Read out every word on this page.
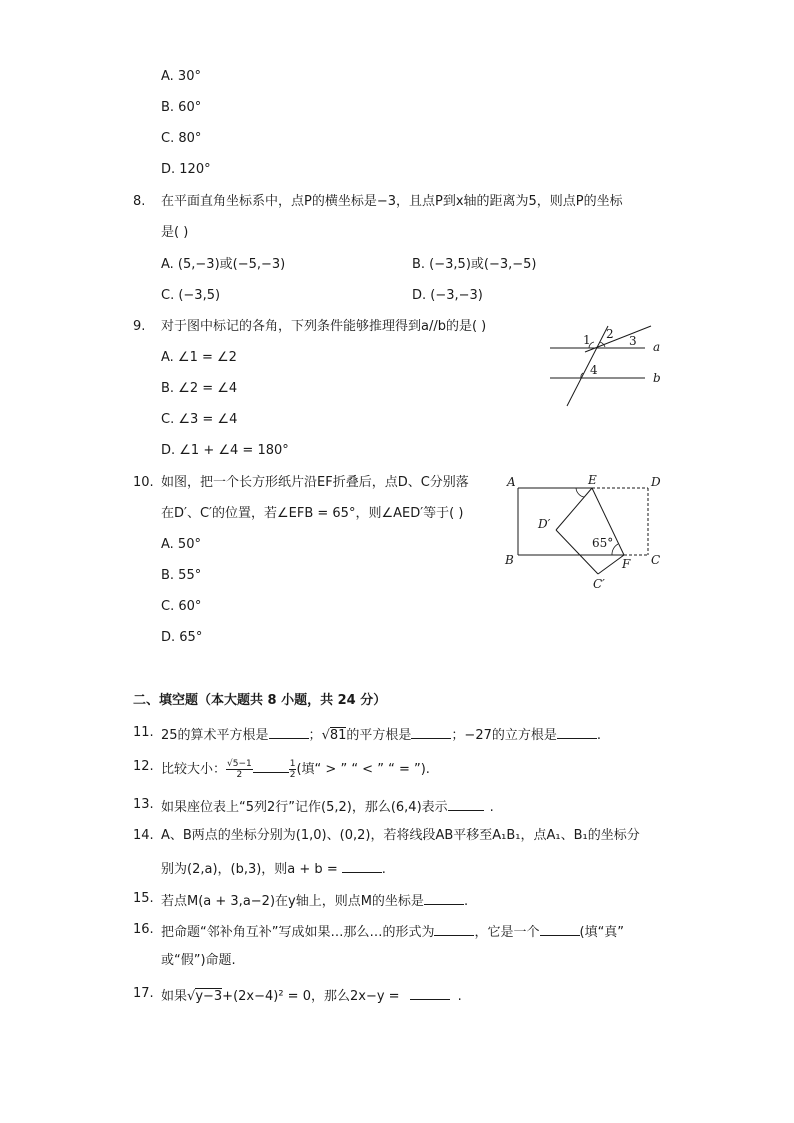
A. 30°
B. 60°
C. 80°
D. 120°
8. 在平面直角坐标系中，点P的横坐标是−3，且点P到x轴的距离为5，则点P的坐标
是( )
A. (5,−3)或(−5,−3)	B. (−3,5)或(−3,−5)
C. (−3,5)	D. (−3,−3)
9. 对于图中标记的各角，下列条件能够推理得到a//b的是( )
A. ∠1 = ∠2
B. ∠2 = ∠4
C. ∠3 = ∠4
D. ∠1 + ∠4 = 180°
1 2 3
4
a
b
10. 如图，把一个长方形纸片沿EF折叠后，点D、C分别落
在D′、C′的位置，若∠EFB = 65°，则∠AED′等于( )
A. 50°
B. 55°
C. 60°
D. 65°
A	E	D
D′
65°
B	F C
C′
二、填空题（本大题共 8 小题，共 24 分）
11. 25的算术平方根是	；√81的平方根是	；−27的立方根是	.
12. 比较大小： $\frac{√5-1}{2}$	$\frac{1}{2}$ (填“ > ” “ < ” “ = ”).
13. 如果座位表上“5列2行”记作(5,2)，那么(6,4)表示	.
14. A、B两点的坐标分别为(1,0)、(0,2)，若将线段AB平移至A₁B₁，点A₁、B₁的坐标分
别为(2,a)，(b,3)，则a + b =	.
15. 若点M(a + 3,a−2)在y轴上，则点M的坐标是	.
16. 把命题“邻补角互补”写成如果…那么…的形式为	，它是一个	(填“真”
或“假”)命题.
17. 如果√y−3+(2x−4)² = 0，那么2x−y =	.
